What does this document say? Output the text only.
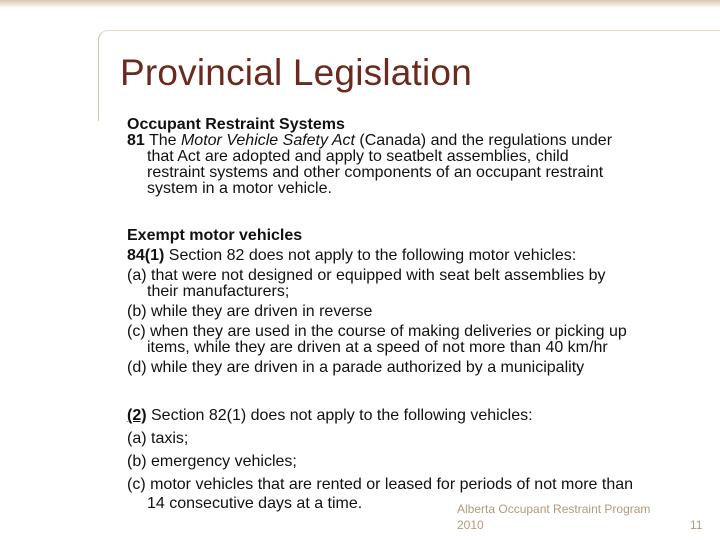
Provincial Legislation
Occupant Restraint Systems
81 The Motor Vehicle Safety Act (Canada) and the regulations under
that Act are adopted and apply to seatbelt assemblies, child
restraint systems and other components of an occupant restraint
system in a motor vehicle.
Exempt motor vehicles
84(1) Section 82 does not apply to the following motor vehicles:
(a) that were not designed or equipped with seat belt assemblies by
their manufacturers;
(b) while they are driven in reverse
(c) when they are used in the course of making deliveries or picking up
items, while they are driven at a speed of not more than 40 km/hr
(d) while they are driven in a parade authorized by a municipality
(2) Section 82(1) does not apply to the following vehicles:
(a) taxis;
(b) emergency vehicles;
(c) motor vehicles that are rented or leased for periods of not more than
14 consecutive days at a time.	Alberta Occupant Restraint Program
2010	11
